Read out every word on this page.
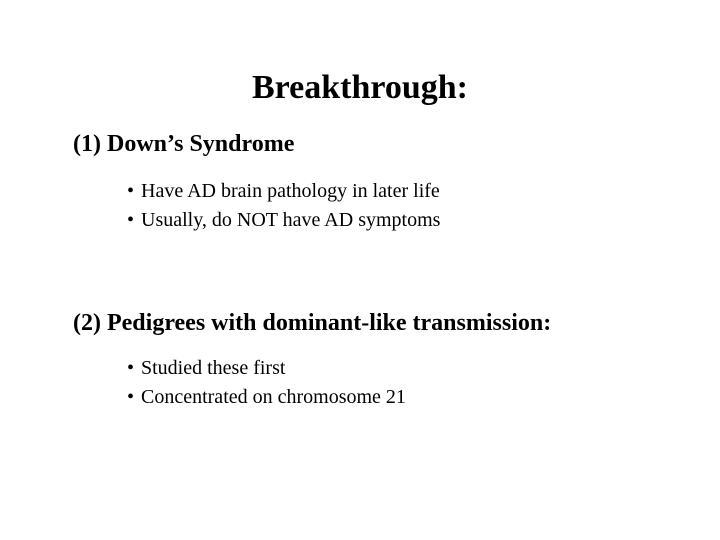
Breakthrough:
(1) Down’s Syndrome
• Have AD brain pathology in later life
• Usually, do NOT have AD symptoms
(2) Pedigrees with dominant-like transmission:
• Studied these first
• Concentrated on chromosome 21
